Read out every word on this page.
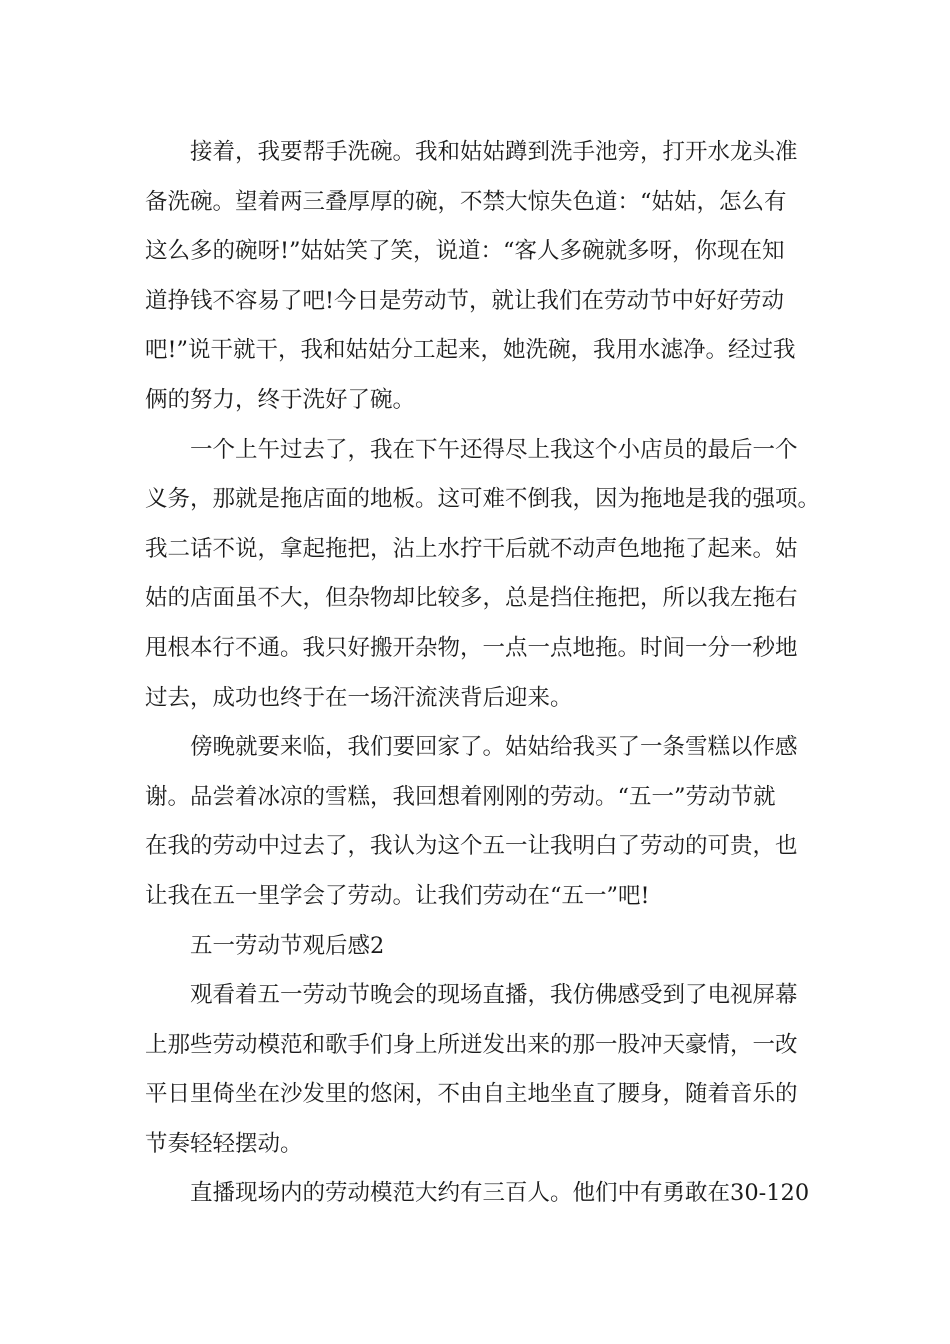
接着，我要帮手洗碗。我和姑姑蹲到洗手池旁，打开水龙头准
备洗碗。望着两三叠厚厚的碗，不禁大惊失色道：“姑姑，怎么有
这么多的碗呀!”姑姑笑了笑，说道：“客人多碗就多呀，你现在知
道挣钱不容易了吧!今日是劳动节，就让我们在劳动节中好好劳动
吧!”说干就干，我和姑姑分工起来，她洗碗，我用水滤净。经过我
俩的努力，终于洗好了碗。
一个上午过去了，我在下午还得尽上我这个小店员的最后一个
义务，那就是拖店面的地板。这可难不倒我，因为拖地是我的强项。
我二话不说，拿起拖把，沾上水拧干后就不动声色地拖了起来。姑
姑的店面虽不大，但杂物却比较多，总是挡住拖把，所以我左拖右
甩根本行不通。我只好搬开杂物，一点一点地拖。时间一分一秒地
过去，成功也终于在一场汗流浃背后迎来。
傍晚就要来临，我们要回家了。姑姑给我买了一条雪糕以作感
谢。品尝着冰凉的雪糕，我回想着刚刚的劳动。“五一”劳动节就
在我的劳动中过去了，我认为这个五一让我明白了劳动的可贵，也
让我在五一里学会了劳动。让我们劳动在“五一”吧!
五一劳动节观后感2
观看着五一劳动节晚会的现场直播，我仿佛感受到了电视屏幕
上那些劳动模范和歌手们身上所迸发出来的那一股冲天豪情，一改
平日里倚坐在沙发里的悠闲，不由自主地坐直了腰身，随着音乐的
节奏轻轻摆动。
直播现场内的劳动模范大约有三百人。他们中有勇敢在30-120
